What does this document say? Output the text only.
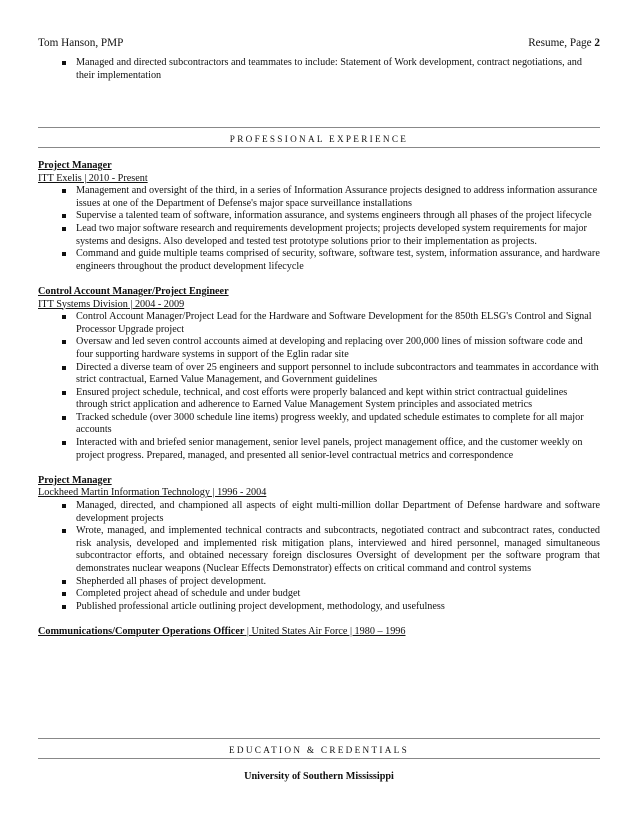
Tom Hanson, PMP	Resume, Page 2
Managed and directed subcontractors and teammates to include: Statement of Work development, contract negotiations, and their implementation
PROFESSIONAL EXPERIENCE
Project Manager
ITT Exelis | 2010 - Present
Management and oversight of the third, in a series of Information Assurance projects designed to address information assurance issues at one of the Department of Defense's major space surveillance installations
Supervise a talented team of software, information assurance, and systems engineers through all phases of the project lifecycle
Lead two major software research and requirements development projects; projects developed system requirements for major systems and designs. Also developed and tested test prototype solutions prior to their implementation as projects.
Command and guide multiple teams comprised of security, software, software test, system, information assurance, and hardware engineers throughout the product development lifecycle
Control Account Manager/Project Engineer
ITT Systems Division | 2004 - 2009
Control Account Manager/Project Lead for the Hardware and Software Development for the 850th ELSG's Control and Signal Processor Upgrade project
Oversaw and led seven control accounts aimed at developing and replacing over 200,000 lines of mission software code and four supporting hardware systems in support of the Eglin radar site
Directed a diverse team of over 25 engineers and support personnel to include subcontractors and teammates in accordance with strict contractual, Earned Value Management, and Government guidelines
Ensured project schedule, technical, and cost efforts were properly balanced and kept within strict contractual guidelines through strict application and adherence to Earned Value Management System principles and associated metrics
Tracked schedule (over 3000 schedule line items) progress weekly, and updated schedule estimates to complete for all major accounts
Interacted with and briefed senior management, senior level panels, project management office, and the customer weekly on project progress. Prepared, managed, and presented all senior-level contractual metrics and correspondence
Project Manager
Lockheed Martin Information Technology | 1996 - 2004
Managed, directed, and championed all aspects of eight multi-million dollar Department of Defense hardware and software development projects
Wrote, managed, and implemented technical contracts and subcontracts, negotiated contract and subcontract rates, conducted risk analysis, developed and implemented risk mitigation plans, interviewed and hired personnel, managed simultaneous subcontractor efforts, and obtained necessary foreign disclosures Oversight of development per the software program that demonstrates nuclear weapons (Nuclear Effects Demonstrator) effects on critical command and control systems
Shepherded all phases of project development.
Completed project ahead of schedule and under budget
Published professional article outlining project development, methodology, and usefulness
Communications/Computer Operations Officer | United States Air Force | 1980 – 1996
EDUCATION & CREDENTIALS
University of Southern Mississippi
